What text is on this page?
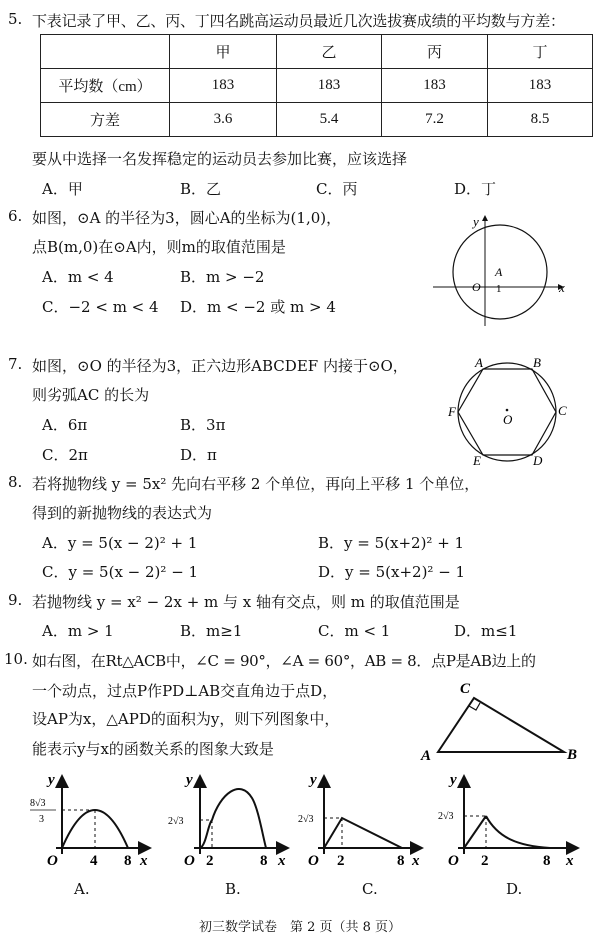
5. 下表记录了甲、乙、丙、丁四名跳高运动员最近几次选拔赛成绩的平均数与方差：
	甲	乙	丙	丁
平均数（cm）	183	183	183	183
方差	3.6	5.4	7.2	8.5
要从中选择一名发挥稳定的运动员去参加比赛，应该选择
A．甲	B．乙	C．丙	D．丁
6. 如图，⊙A 的半径为3，圆心A的坐标为(1,0)，
点B(m,0)在⊙A内，则m的取值范围是
A．m < 4	B．m > −2
C．−2 < m < 4 D．m < −2 或 m > 4
y
x
O
A
1
7. 如图，⊙O 的半径为3，正六边形ABCDEF 内接于⊙O，
则劣弧AC 的长为
A．6π	B．3π
C．2π	D．π
A	B
C
D
E
F
O
8. 若将抛物线 y = 5x² 先向右平移 2 个单位，再向上平移 1 个单位，
得到的新抛物线的表达式为
A．y = 5(x − 2)² + 1	B．y = 5(x+2)² + 1
C．y = 5(x − 2)² − 1	D．y = 5(x+2)² − 1
9. 若抛物线 y = x² − 2x + m 与 x 轴有交点，则 m 的取值范围是
A．m > 1	B．m≥1	C．m < 1	D．m≤1
10. 如右图，在Rt△ACB中，∠C = 90°，∠A = 60°，AB = 8．点P是AB边上的
一个动点，过点P作PD⊥AB交直角边于点D，
设AP为x，△APD的面积为y，则下列图象中，
能表示y与x的函数关系的图象大致是
C
A	B
8√3
3
y
x
O 4 8
2√3
y
x
O 2	8
2√3
y
x
O 2	8
2√3
y
x
O 2	8
A.	B.	C.	D.
初三数学试卷　第 2 页（共 8 页）
